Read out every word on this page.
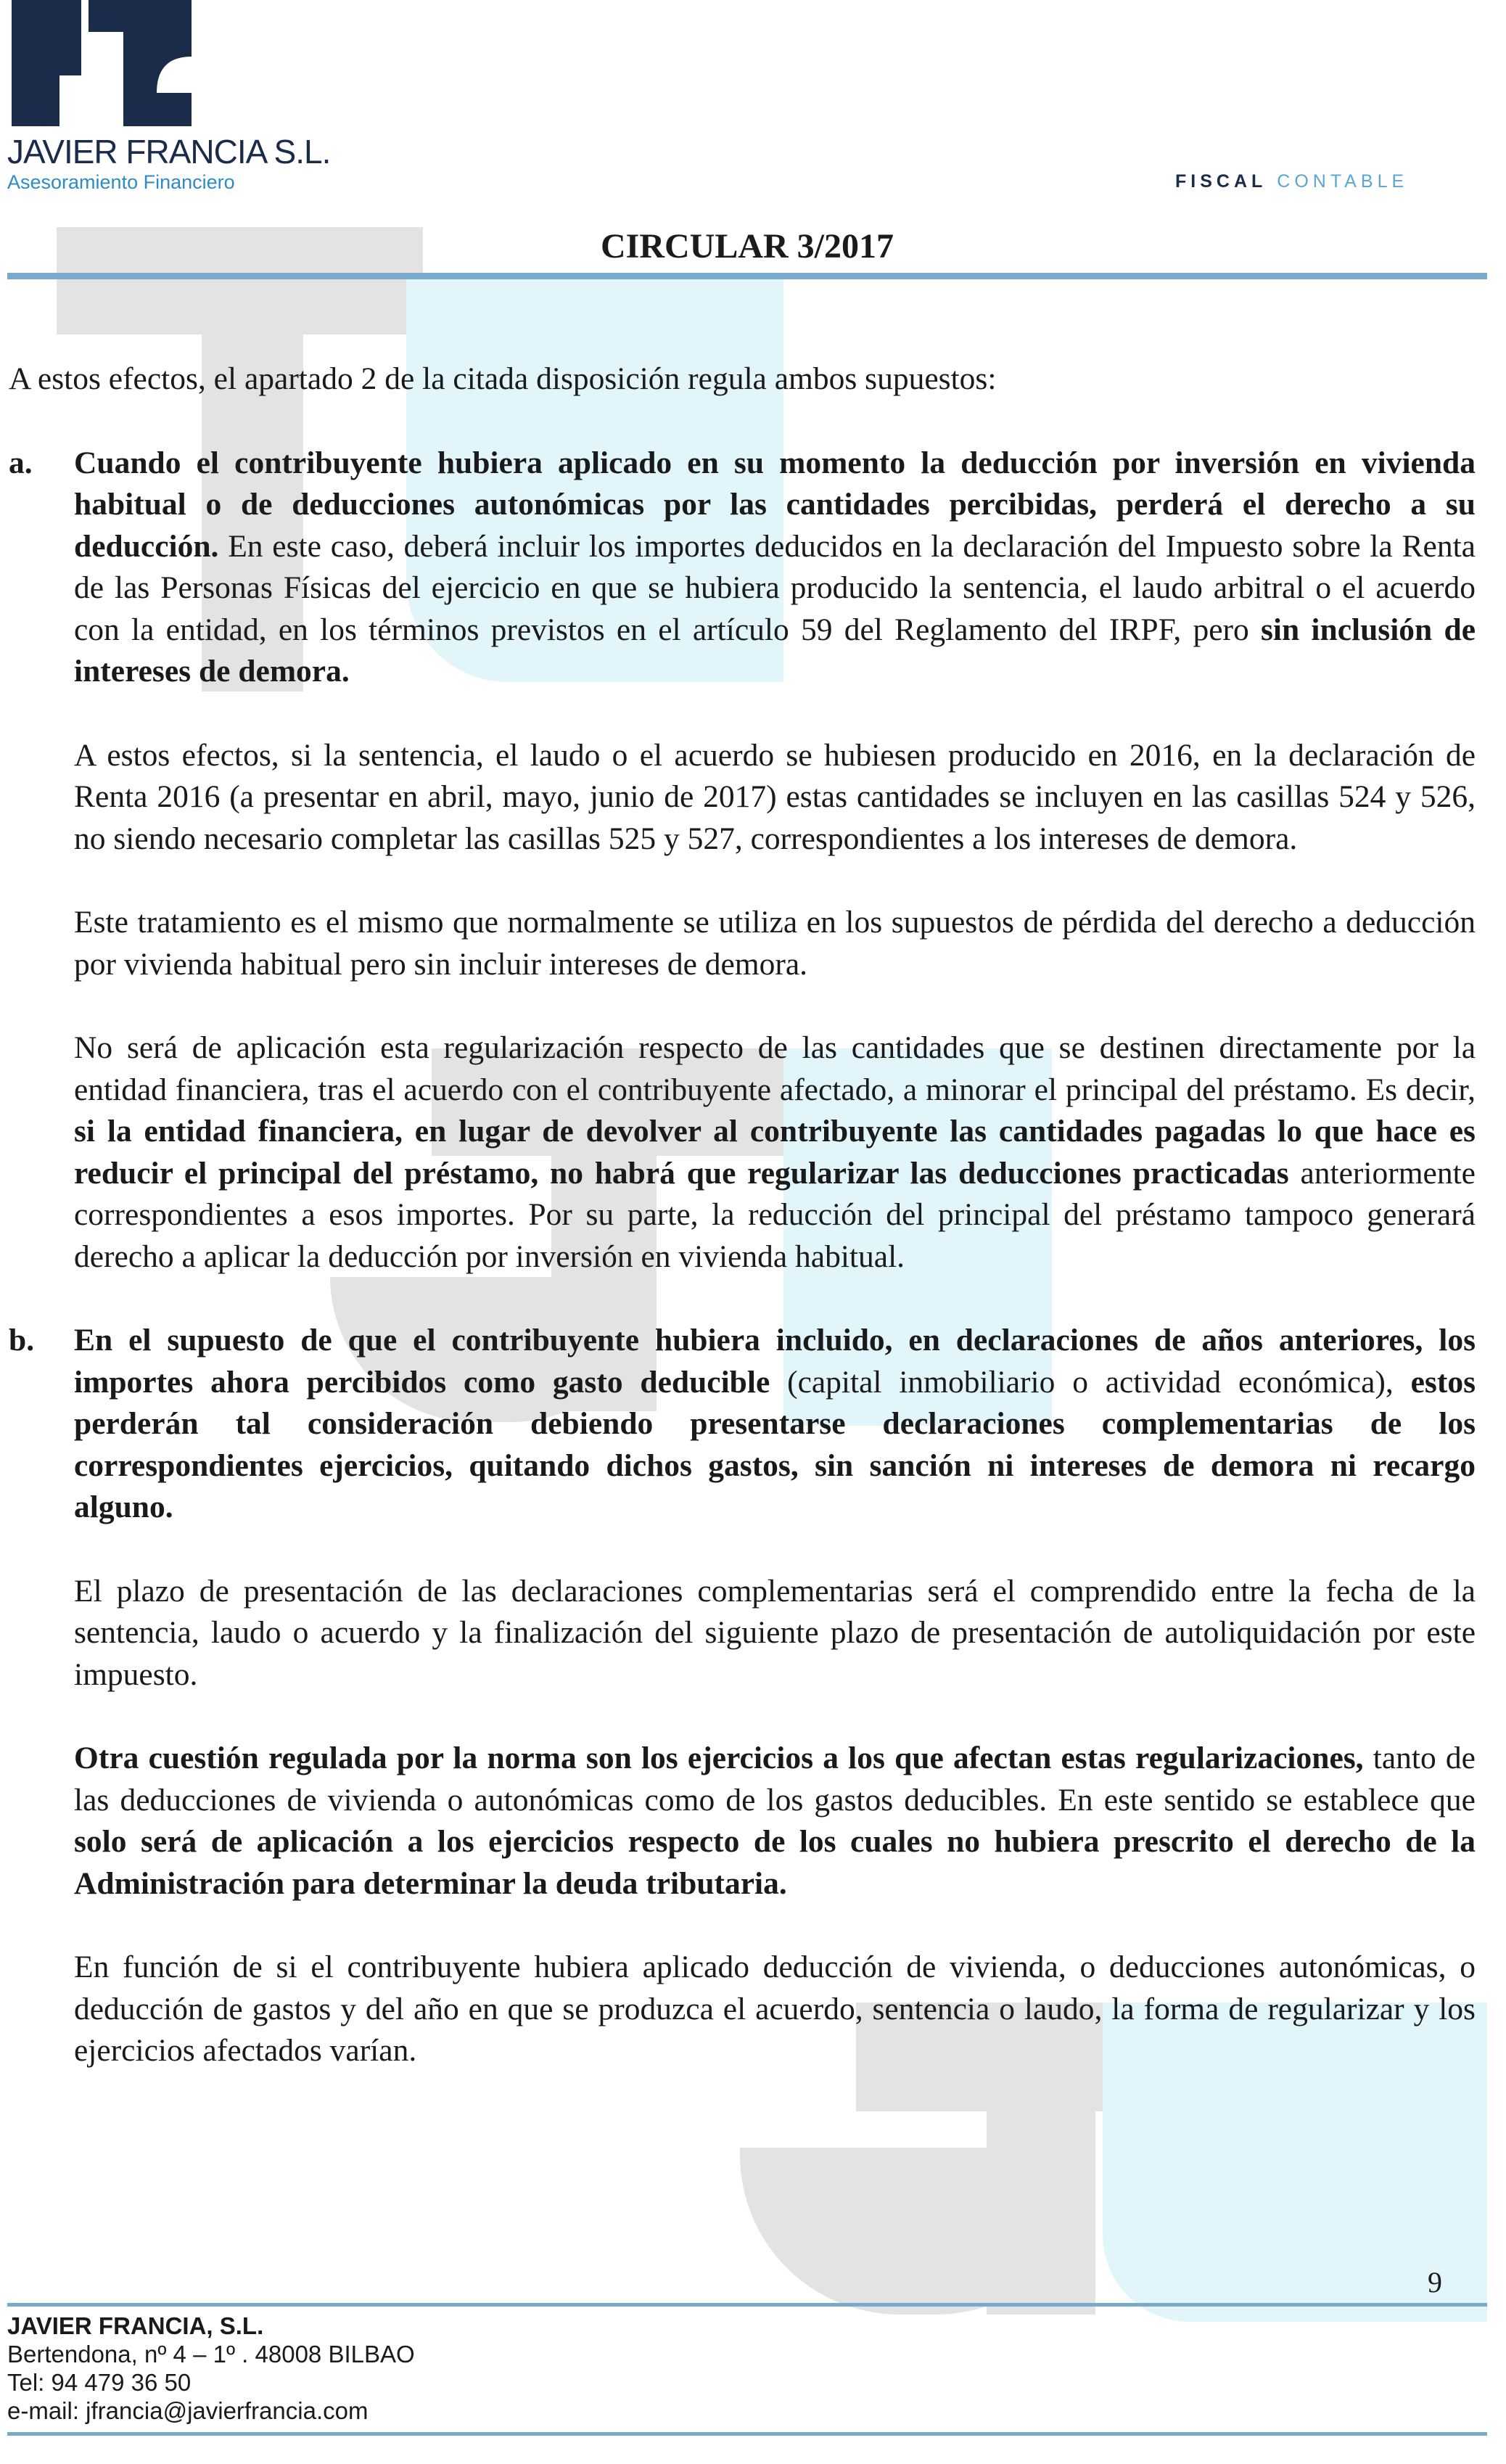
JAVIER FRANCIA S.L.
Asesoramiento Financiero	FISCAL CONTABLE
CIRCULAR 3/2017

A estos efectos, el apartado 2 de la citada disposición regula ambos supuestos:

a.	Cuando el contribuyente hubiera aplicado en su momento la deducción por inversión en vivienda habitual o de deducciones autonómicas por las cantidades percibidas, perderá el derecho a su deducción. En este caso, deberá incluir los importes deducidos en la declaración del Impuesto sobre la Renta de las Personas Físicas del ejercicio en que se hubiera producido la sentencia, el laudo arbitral o el acuerdo con la entidad, en los términos previstos en el artículo 59 del Reglamento del IRPF, pero sin inclusión de intereses de demora.

A estos efectos, si la sentencia, el laudo o el acuerdo se hubiesen producido en 2016, en la declaración de Renta 2016 (a presentar en abril, mayo, junio de 2017) estas cantidades se incluyen en las casillas 524 y 526, no siendo necesario completar las casillas 525 y 527, correspondientes a los intereses de demora.

Este tratamiento es el mismo que normalmente se utiliza en los supuestos de pérdida del derecho a deducción por vivienda habitual pero sin incluir intereses de demora.

No será de aplicación esta regularización respecto de las cantidades que se destinen directamente por la entidad financiera, tras el acuerdo con el contribuyente afectado, a minorar el principal del préstamo. Es decir, si la entidad financiera, en lugar de devolver al contribuyente las cantidades pagadas lo que hace es reducir el principal del préstamo, no habrá que regularizar las deducciones practicadas anteriormente correspondientes a esos importes. Por su parte, la reducción del principal del préstamo tampoco generará derecho a aplicar la deducción por inversión en vivienda habitual.

b.	En el supuesto de que el contribuyente hubiera incluido, en declaraciones de años anteriores, los importes ahora percibidos como gasto deducible (capital inmobiliario o actividad económica), estos perderán tal consideración debiendo presentarse declaraciones complementarias de los correspondientes ejercicios, quitando dichos gastos, sin sanción ni intereses de demora ni recargo alguno.

El plazo de presentación de las declaraciones complementarias será el comprendido entre la fecha de la sentencia, laudo o acuerdo y la finalización del siguiente plazo de presentación de autoliquidación por este impuesto.

Otra cuestión regulada por la norma son los ejercicios a los que afectan estas regularizaciones, tanto de las deducciones de vivienda o autonómicas como de los gastos deducibles. En este sentido se establece que solo será de aplicación a los ejercicios respecto de los cuales no hubiera prescrito el derecho de la Administración para determinar la deuda tributaria.

En función de si el contribuyente hubiera aplicado deducción de vivienda, o deducciones autonómicas, o deducción de gastos y del año en que se produzca el acuerdo, sentencia o laudo, la forma de regularizar y los ejercicios afectados varían.

9
JAVIER FRANCIA, S.L.
Bertendona, nº 4 – 1º . 48008 BILBAO
Tel: 94 479 36 50
e-mail: jfrancia@javierfrancia.com
